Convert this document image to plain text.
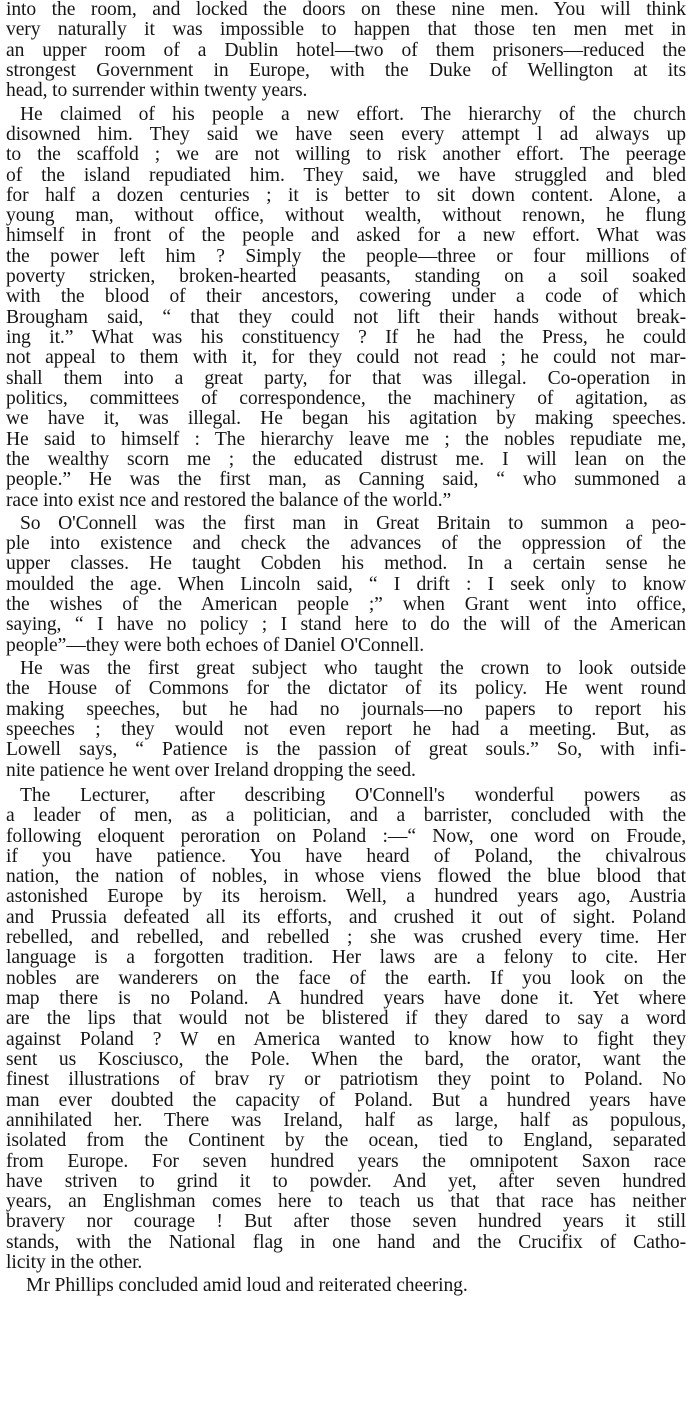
into the room, and locked the doors on these nine men. You will think
very naturally it was impossible to happen that those ten men met in
an upper room of a Dublin hotel—two of them prisoners—reduced the
strongest Government in Europe, with the Duke of Wellington at its
head, to surrender within twenty years.
He claimed of his people a new effort. The hierarchy of the church
disowned him. They said we have seen every attempt l ad always up
to the scaffold ; we are not willing to risk another effort. The peerage
of the island repudiated him. They said, we have struggled and bled
for half a dozen centuries ; it is better to sit down content. Alone, a
young man, without office, without wealth, without renown, he flung
himself in front of the people and asked for a new effort. What was
the power left him ? Simply the people—three or four millions of
poverty stricken, broken-hearted peasants, standing on a soil soaked
with the blood of their ancestors, cowering under a code of which
Brougham said, “ that they could not lift their hands without break-
ing it.” What was his constituency ? If he had the Press, he could
not appeal to them with it, for they could not read ; he could not mar-
shall them into a great party, for that was illegal. Co-operation in
politics, committees of correspondence, the machinery of agitation, as
we have it, was illegal. He began his agitation by making speeches.
He said to himself : The hierarchy leave me ; the nobles repudiate me,
the wealthy scorn me ; the educated distrust me. I will lean on the
people.” He was the first man, as Canning said, “ who summoned a
race into exist nce and restored the balance of the world.”
So O'Connell was the first man in Great Britain to summon a peo-
ple into existence and check the advances of the oppression of the
upper classes. He taught Cobden his method. In a certain sense he
moulded the age. When Lincoln said, “ I drift : I seek only to know
the wishes of the American people ;” when Grant went into office,
saying, “ I have no policy ; I stand here to do the will of the American
people”—they were both echoes of Daniel O'Connell.
He was the first great subject who taught the crown to look outside
the House of Commons for the dictator of its policy. He went round
making speeches, but he had no journals—no papers to report his
speeches ; they would not even report he had a meeting. But, as
Lowell says, “ Patience is the passion of great souls.” So, with infi-
nite patience he went over Ireland dropping the seed.
The Lecturer, after describing O'Connell's wonderful powers as
a leader of men, as a politician, and a barrister, concluded with the
following eloquent peroration on Poland :—“ Now, one word on Froude,
if you have patience. You have heard of Poland, the chivalrous
nation, the nation of nobles, in whose viens flowed the blue blood that
astonished Europe by its heroism. Well, a hundred years ago, Austria
and Prussia defeated all its efforts, and crushed it out of sight. Poland
rebelled, and rebelled, and rebelled ; she was crushed every time. Her
language is a forgotten tradition. Her laws are a felony to cite. Her
nobles are wanderers on the face of the earth. If you look on the
map there is no Poland. A hundred years have done it. Yet where
are the lips that would not be blistered if they dared to say a word
against Poland ? W en America wanted to know how to fight they
sent us Kosciusco, the Pole. When the bard, the orator, want the
finest illustrations of brav ry or patriotism they point to Poland. No
man ever doubted the capacity of Poland. But a hundred years have
annihilated her. There was Ireland, half as large, half as populous,
isolated from the Continent by the ocean, tied to England, separated
from Europe. For seven hundred years the omnipotent Saxon race
have striven to grind it to powder. And yet, after seven hundred
years, an Englishman comes here to teach us that that race has neither
bravery nor courage ! But after those seven hundred years it still
stands, with the National flag in one hand and the Crucifix of Catho-
licity in the other.
Mr Phillips concluded amid loud and reiterated cheering.
